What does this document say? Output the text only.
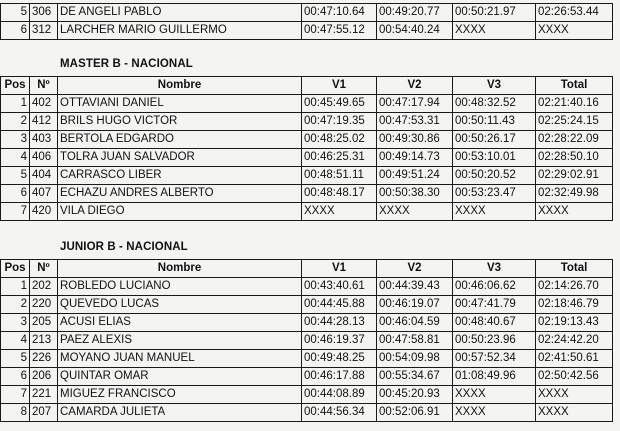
5	306	DE ANGELI PABLO	00:47:10.64	00:49:20.77	00:50:21.97	02:26:53.44
6	312	LARCHER MARIO GUILLERMO	00:47:55.12	00:54:40.24	XXXX	XXXX
MASTER B - NACIONAL
Pos	Nº	Nombre	V1	V2	V3	Total
1	402	OTTAVIANI DANIEL	00:45:49.65	00:47:17.94	00:48:32.52	02:21:40.16
2	412	BRILS HUGO VICTOR	00:47:19.35	00:47:53.31	00:50:11.43	02:25:24.15
3	403	BERTOLA EDGARDO	00:48:25.02	00:49:30.86	00:50:26.17	02:28:22.09
4	406	TOLRA JUAN SALVADOR	00:46:25.31	00:49:14.73	00:53:10.01	02:28:50.10
5	404	CARRASCO LIBER	00:48:51.11	00:49:51.24	00:50:20.52	02:29:02.91
6	407	ECHAZU ANDRES ALBERTO	00:48:48.17	00:50:38.30	00:53:23.47	02:32:49.98
7	420	VILA DIEGO	XXXX	XXXX	XXXX	XXXX
JUNIOR B - NACIONAL
Pos	Nº	Nombre	V1	V2	V3	Total
1	202	ROBLEDO LUCIANO	00:43:40.61	00:44:39.43	00:46:06.62	02:14:26.70
2	220	QUEVEDO LUCAS	00:44:45.88	00:46:19.07	00:47:41.79	02:18:46.79
3	205	ACUSI ELIAS	00:44:28.13	00:46:04.59	00:48:40.67	02:19:13.43
4	213	PAEZ ALEXIS	00:46:19.37	00:47:58.81	00:50:23.96	02:24:42.20
5	226	MOYANO JUAN MANUEL	00:49:48.25	00:54:09.98	00:57:52.34	02:41:50.61
6	206	QUINTAR OMAR	00:46:17.88	00:55:34.67	01:08:49.96	02:50:42.56
7	221	MIGUEZ FRANCISCO	00:44:08.89	00:45:20.93	XXXX	XXXX
8	207	CAMARDA JULIETA	00:44:56.34	00:52:06.91	XXXX	XXXX
